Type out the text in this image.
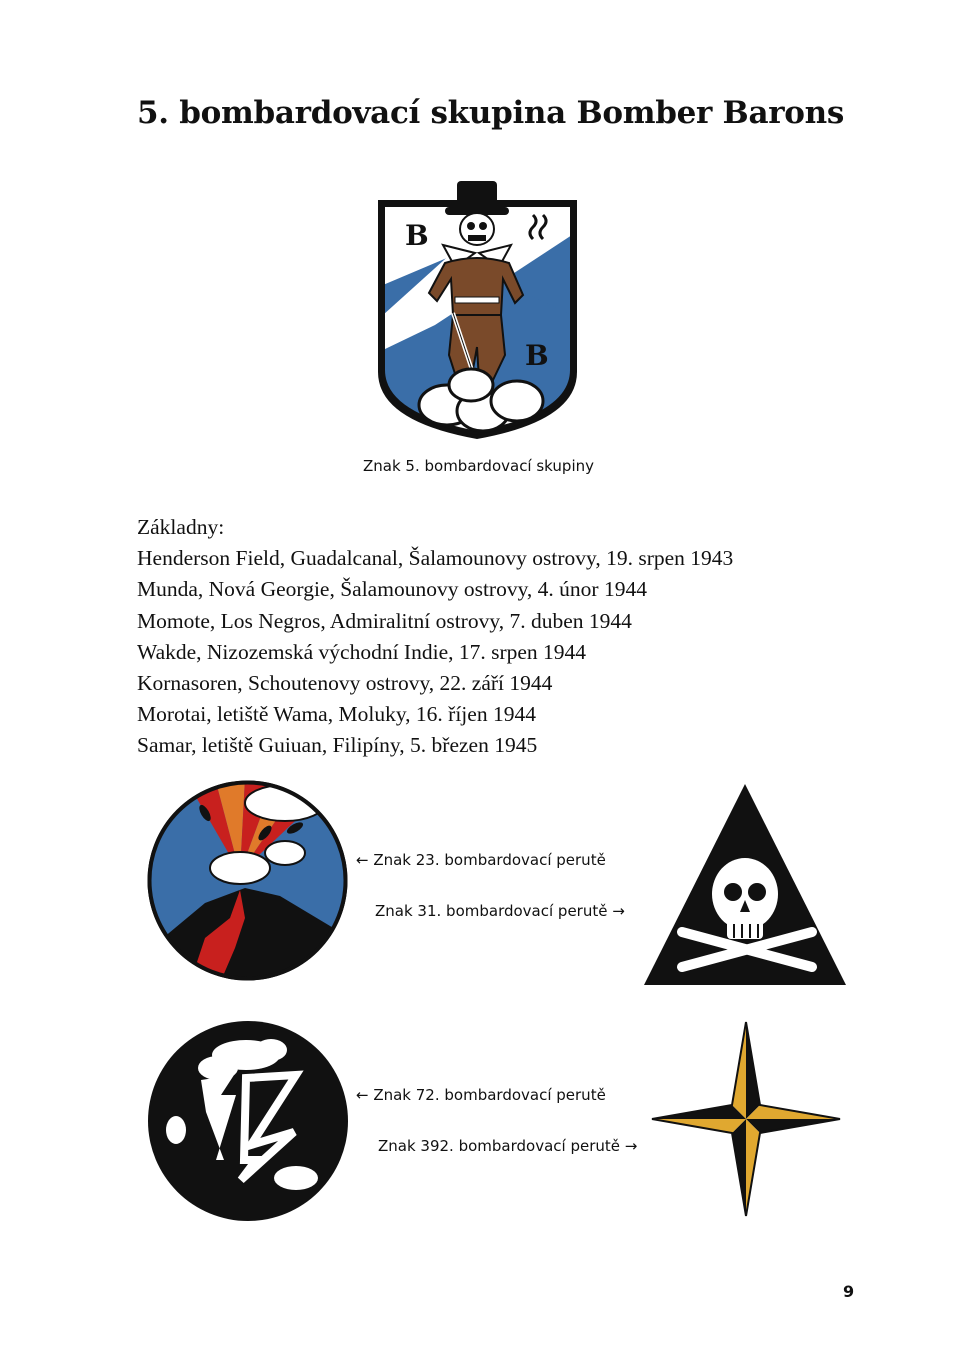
5. bombardovací skupina Bomber Barons
B
B
Znak 5. bombardovací skupiny
Základny:
Henderson Field, Guadalcanal, Šalamounovy ostrovy, 19. srpen 1943
Munda, Nová Georgie, Šalamounovy ostrovy, 4. únor 1944
Momote, Los Negros, Admiralitní ostrovy, 7. duben 1944
Wakde, Nizozemská východní Indie, 17. srpen 1944
Kornasoren, Schoutenovy ostrovy, 22. září 1944
Morotai, letiště Wama, Moluky, 16. říjen 1944
Samar, letiště Guiuan, Filipíny, 5. březen 1945
← Znak 23. bombardovací perutě
Znak 31. bombardovací perutě →
← Znak 72. bombardovací perutě
Znak 392. bombardovací perutě →
9
